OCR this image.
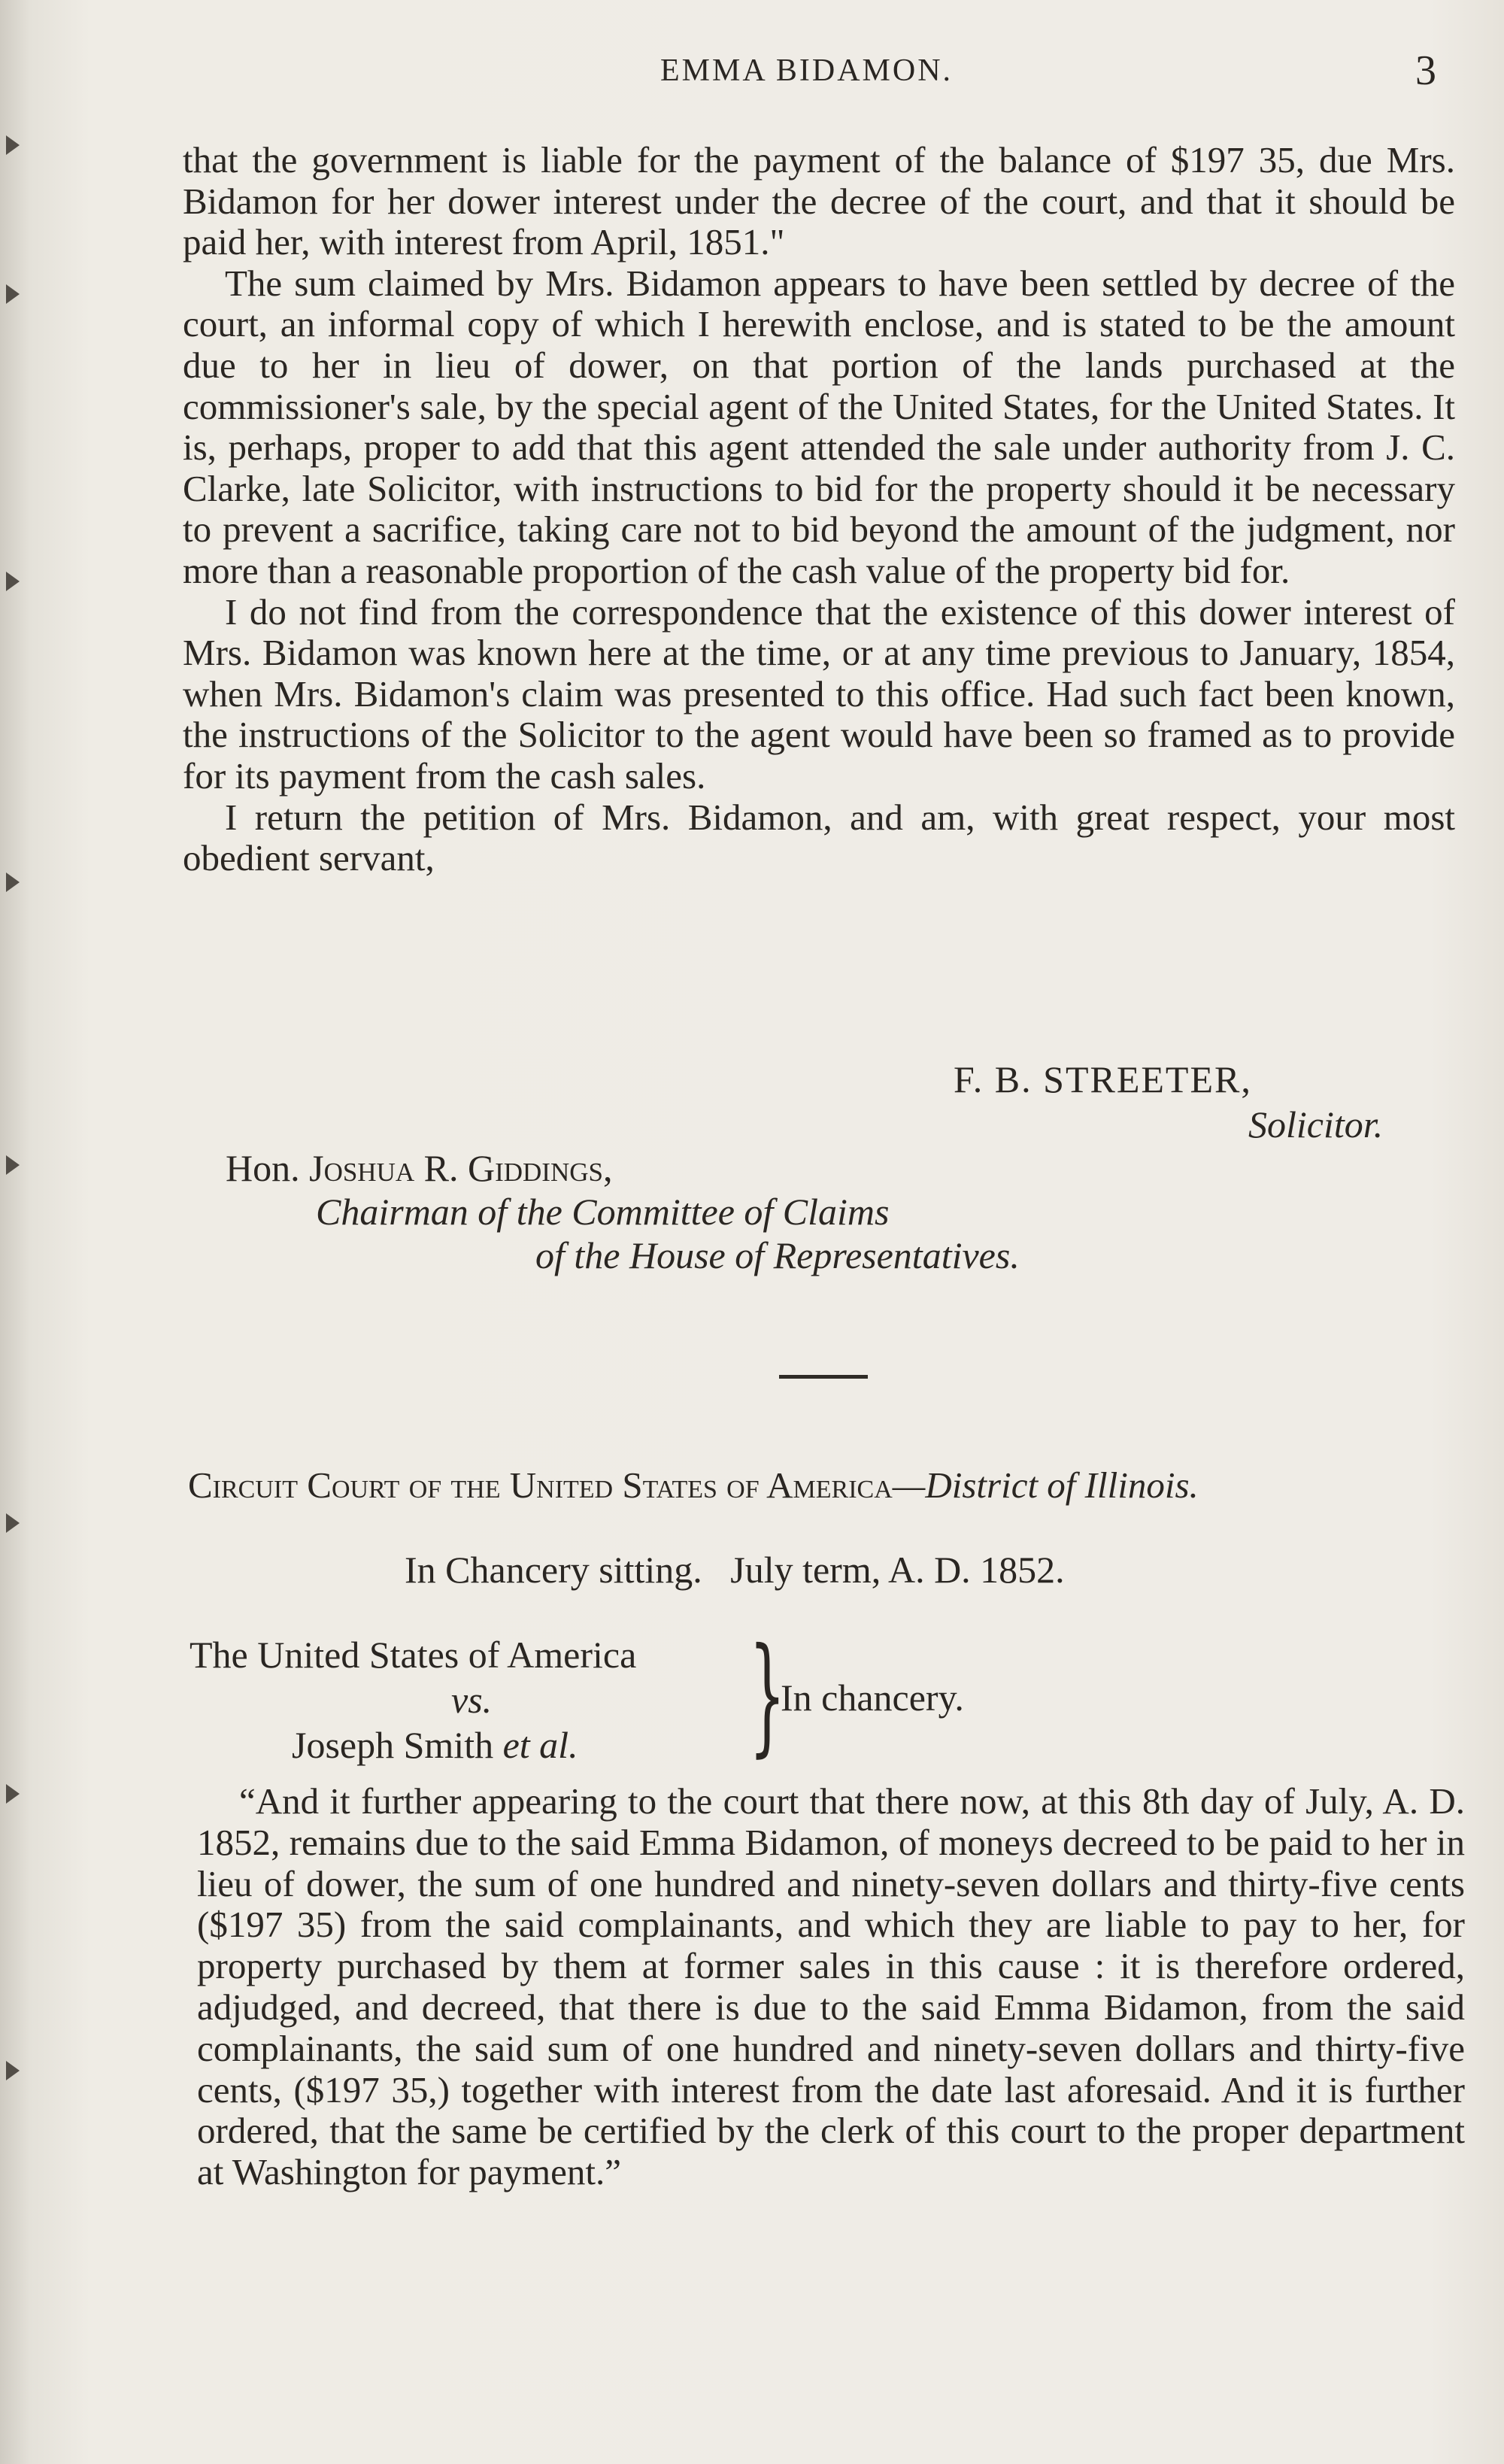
EMMA BIDAMON.	3

that the government is liable for the payment of the balance of $197 35, due Mrs. Bidamon for her dower interest under the decree of the court, and that it should be paid her, with interest from April, 1851."

The sum claimed by Mrs. Bidamon appears to have been settled by decree of the court, an informal copy of which I herewith enclose, and is stated to be the amount due to her in lieu of dower, on that portion of the lands purchased at the commissioner's sale, by the special agent of the United States, for the United States. It is, perhaps, proper to add that this agent attended the sale under authority from J. C. Clarke, late Solicitor, with instructions to bid for the property should it be necessary to prevent a sacrifice, taking care not to bid beyond the amount of the judgment, nor more than a reasonable proportion of the cash value of the property bid for.

I do not find from the correspondence that the existence of this dower interest of Mrs. Bidamon was known here at the time, or at any time previous to January, 1854, when Mrs. Bidamon's claim was presented to this office. Had such fact been known, the instructions of the Solicitor to the agent would have been so framed as to provide for its payment from the cash sales.

I return the petition of Mrs. Bidamon, and am, with great respect, your most obedient servant,

F. B. STREETER,
Solicitor.
Hon. Joshua R. Giddings,
Chairman of the Committee of Claims
of the House of Representatives.
Circuit Court of the United States of America—District of Illinois.
In Chancery sitting.   July term, A. D. 1852.
The United States of America
vs.
Joseph Smith et al.	}
In chancery.
“And it further appearing to the court that there now, at this 8th day of July, A. D. 1852, remains due to the said Emma Bidamon, of moneys decreed to be paid to her in lieu of dower, the sum of one hundred and ninety-seven dollars and thirty-five cents ($197 35) from the said complainants, and which they are liable to pay to her, for property purchased by them at former sales in this cause : it is therefore ordered, adjudged, and decreed, that there is due to the said Emma Bidamon, from the said complainants, the said sum of one hundred and ninety-seven dollars and thirty-five cents, ($197 35,) together with interest from the date last aforesaid. And it is further ordered, that the same be certified by the clerk of this court to the proper department at Washington for payment.”
